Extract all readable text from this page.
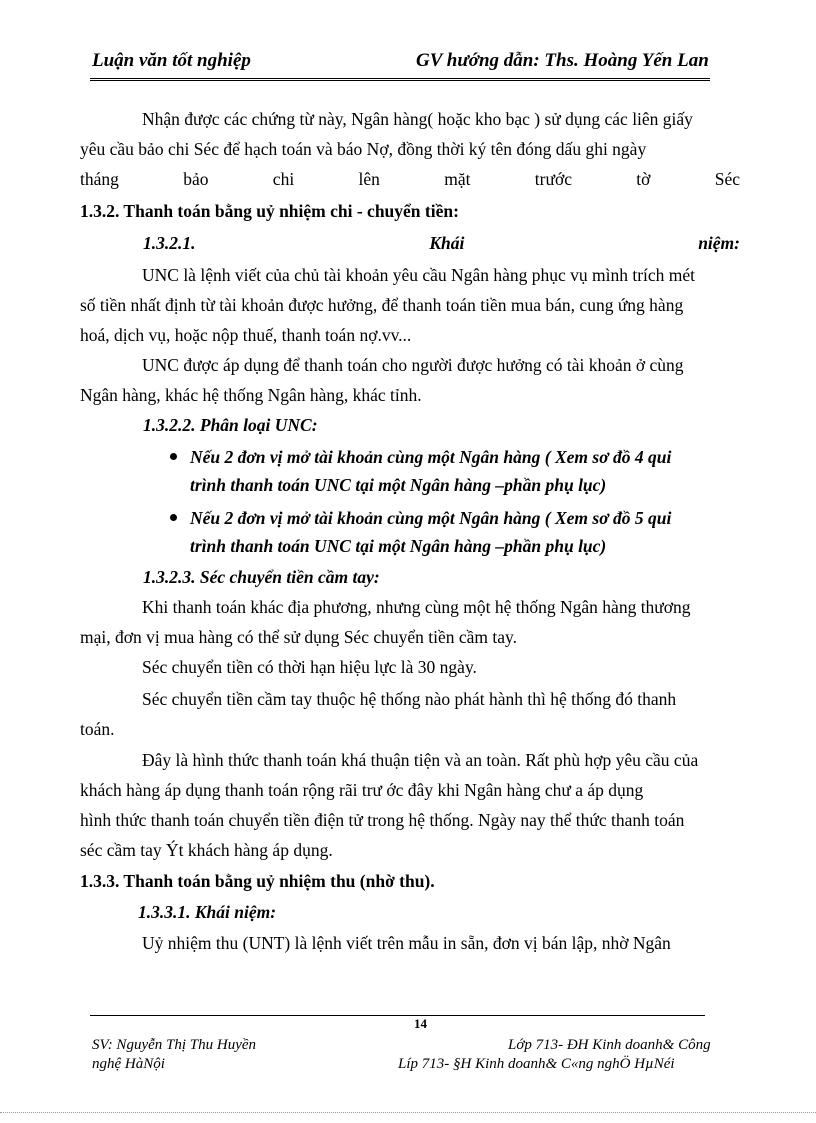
Luận văn tốt nghiệp	GV hướng dẫn: Ths. Hoàng Yến Lan
Nhận được các chứng từ này, Ngân hàng( hoặc kho bạc ) sử dụng các liên giấy
yêu cầu bảo chi Séc để hạch toán và báo Nợ, đồng thời ký tên đóng dấu ghi ngày
tháng	bảo	chi	lên	mặt	trước	tờ	Séc
1.3.2. Thanh toán bằng uỷ nhiệm chi - chuyển tiền:
1.3.2.1.	Khái	niệm:
UNC là lệnh viết của chủ tài khoản yêu cầu Ngân hàng phục vụ mình trích mét
số tiền nhất định từ tài khoản được hưởng, để thanh toán tiền mua bán, cung ứng hàng
hoá, dịch vụ, hoặc nộp thuế, thanh toán nợ.vv...
UNC được áp dụng để thanh toán cho người được hưởng có tài khoản ở cùng
Ngân hàng, khác hệ thống Ngân hàng, khác tỉnh.
1.3.2.2. Phân loại UNC:
Nếu 2 đơn vị mở tài khoản cùng một Ngân hàng ( Xem sơ đồ 4 qui
trình thanh toán UNC tại một Ngân hàng –phần phụ lục)
Nếu 2 đơn vị mở tài khoản cùng một Ngân hàng ( Xem sơ đồ 5 qui
trình thanh toán UNC tại một Ngân hàng –phần phụ lục)
1.3.2.3. Séc chuyển tiền cầm tay:
Khi thanh toán khác địa phương, nhưng cùng một hệ thống Ngân hàng thương
mại, đơn vị mua hàng có thể sử dụng Séc chuyển tiền cầm tay.
Séc chuyển tiền có thời hạn hiệu lực là 30 ngày.
Séc chuyển tiền cầm tay thuộc hệ thống nào phát hành thì hệ thống đó thanh
toán.
Đây là hình thức thanh toán khá thuận tiện và an toàn. Rất phù hợp yêu cầu của
khách hàng áp dụng thanh toán rộng rãi trư ớc đây khi Ngân hàng chư a áp dụng
hình thức thanh toán chuyển tiền điện tử trong hệ thống. Ngày nay thể thức thanh toán
séc cầm tay Ýt khách hàng áp dụng.
1.3.3. Thanh toán bằng uỷ nhiệm thu (nhờ thu).
1.3.3.1. Khái niệm:
Uỷ nhiệm thu (UNT) là lệnh viết trên mẫu in sẵn, đơn vị bán lập, nhờ Ngân
14
SV: Nguyễn Thị Thu Huyền	Lớp 713- ĐH Kinh doanh& Công
nghệ HàNội	Líp 713- §H Kinh doanh& C«ng nghÖ HµNéi
